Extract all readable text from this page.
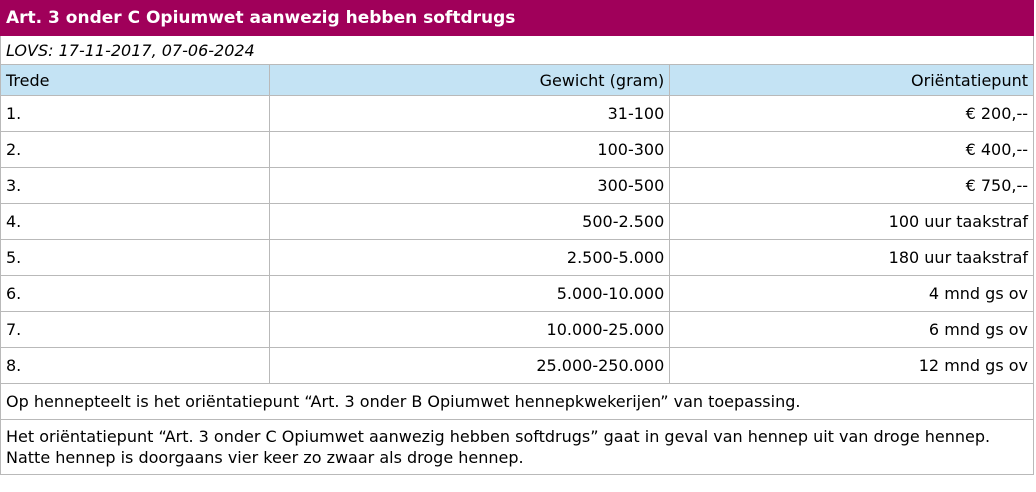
Art. 3 onder C Opiumwet aanwezig hebben softdrugs		
LOVS: 17-11-2017, 07-06-2024		
Trede	Gewicht (gram)	Oriëntatiepunt
1.	31-100	€ 200,--
2.	100-300	€ 400,--
3.	300-500	€ 750,--
4.	500-2.500	100 uur taakstraf
5.	2.500-5.000	180 uur taakstraf
6.	5.000-10.000	4 mnd gs ov
7.	10.000-25.000	6 mnd gs ov
8.	25.000-250.000	12 mnd gs ov
Op hennepteelt is het oriëntatiepunt “Art. 3 onder B Opiumwet hennepkwekerijen” van toepassing.		
Het oriëntatiepunt “Art. 3 onder C Opiumwet aanwezig hebben softdrugs” gaat in geval van hennep uit van droge hennep. Natte hennep is doorgaans vier keer zo zwaar als droge hennep.		
